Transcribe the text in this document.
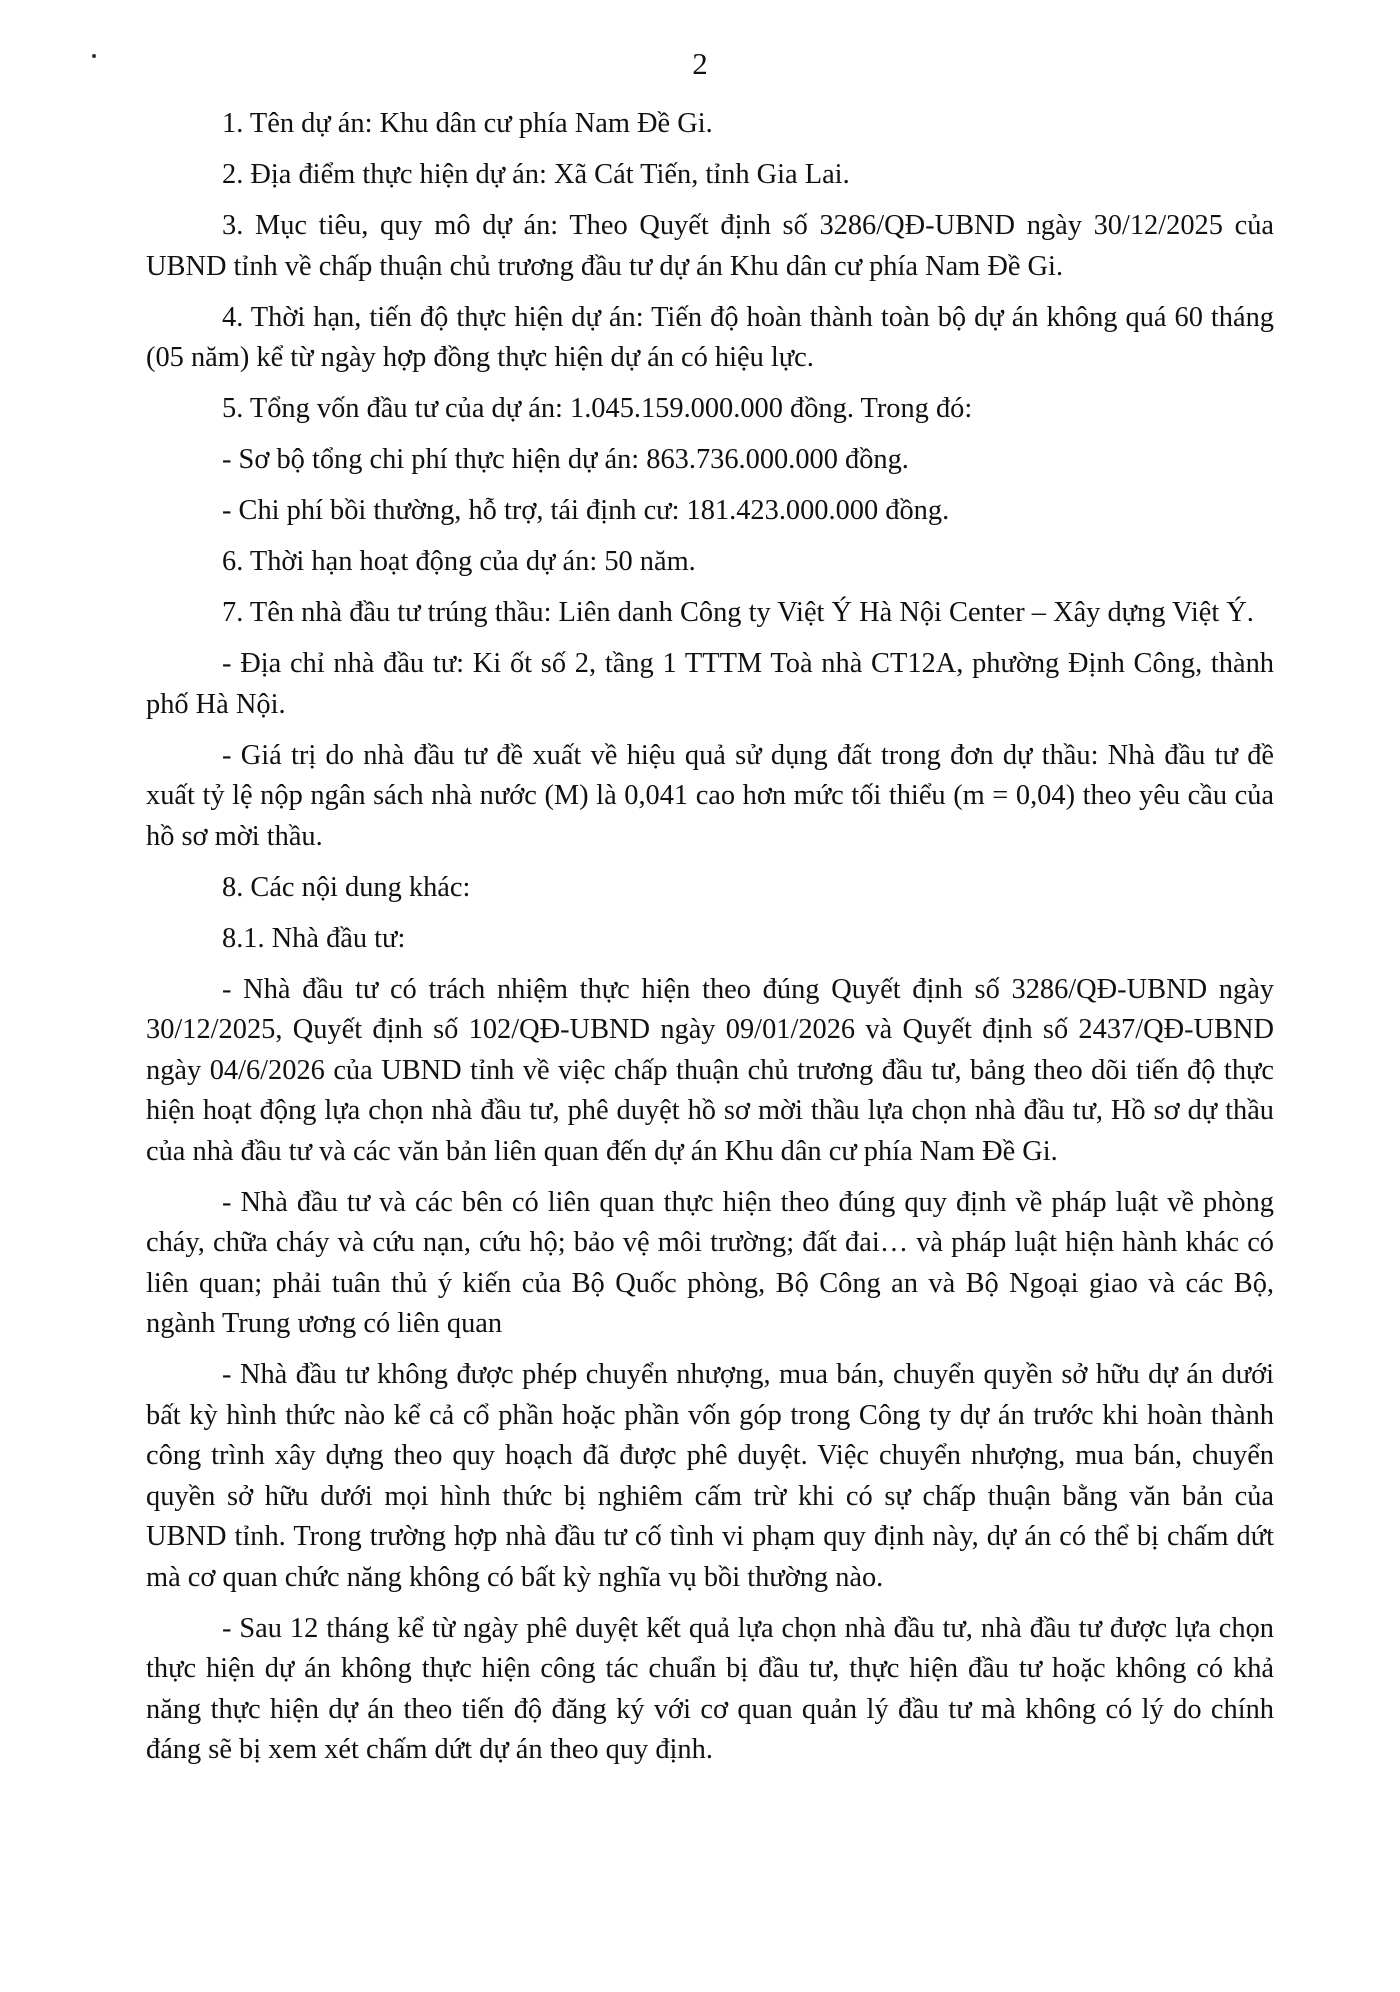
2

1. Tên dự án: Khu dân cư phía Nam Đề Gi.

2. Địa điểm thực hiện dự án: Xã Cát Tiến, tỉnh Gia Lai.

3. Mục tiêu, quy mô dự án: Theo Quyết định số 3286/QĐ-UBND ngày 30/12/2025 của UBND tỉnh về chấp thuận chủ trương đầu tư dự án Khu dân cư phía Nam Đề Gi.

4. Thời hạn, tiến độ thực hiện dự án: Tiến độ hoàn thành toàn bộ dự án không quá 60 tháng (05 năm) kể từ ngày hợp đồng thực hiện dự án có hiệu lực.

5. Tổng vốn đầu tư của dự án: 1.045.159.000.000 đồng. Trong đó:

- Sơ bộ tổng chi phí thực hiện dự án: 863.736.000.000 đồng.

- Chi phí bồi thường, hỗ trợ, tái định cư: 181.423.000.000 đồng.

6. Thời hạn hoạt động của dự án: 50 năm.

7. Tên nhà đầu tư trúng thầu: Liên danh Công ty Việt Ý Hà Nội Center – Xây dựng Việt Ý.

- Địa chỉ nhà đầu tư: Ki ốt số 2, tầng 1 TTTM Toà nhà CT12A, phường Định Công, thành phố Hà Nội.

- Giá trị do nhà đầu tư đề xuất về hiệu quả sử dụng đất trong đơn dự thầu: Nhà đầu tư đề xuất tỷ lệ nộp ngân sách nhà nước (M) là 0,041 cao hơn mức tối thiểu (m = 0,04) theo yêu cầu của hồ sơ mời thầu.

8. Các nội dung khác:

8.1. Nhà đầu tư:

- Nhà đầu tư có trách nhiệm thực hiện theo đúng Quyết định số 3286/QĐ-UBND ngày 30/12/2025, Quyết định số 102/QĐ-UBND ngày 09/01/2026 và Quyết định số 2437/QĐ-UBND ngày 04/6/2026 của UBND tỉnh về việc chấp thuận chủ trương đầu tư, bảng theo dõi tiến độ thực hiện hoạt động lựa chọn nhà đầu tư, phê duyệt hồ sơ mời thầu lựa chọn nhà đầu tư, Hồ sơ dự thầu của nhà đầu tư và các văn bản liên quan đến dự án Khu dân cư phía Nam Đề Gi.

- Nhà đầu tư và các bên có liên quan thực hiện theo đúng quy định về pháp luật về phòng cháy, chữa cháy và cứu nạn, cứu hộ; bảo vệ môi trường; đất đai… và pháp luật hiện hành khác có liên quan; phải tuân thủ ý kiến của Bộ Quốc phòng, Bộ Công an và Bộ Ngoại giao và các Bộ, ngành Trung ương có liên quan

- Nhà đầu tư không được phép chuyển nhượng, mua bán, chuyển quyền sở hữu dự án dưới bất kỳ hình thức nào kể cả cổ phần hoặc phần vốn góp trong Công ty dự án trước khi hoàn thành công trình xây dựng theo quy hoạch đã được phê duyệt. Việc chuyển nhượng, mua bán, chuyển quyền sở hữu dưới mọi hình thức bị nghiêm cấm trừ khi có sự chấp thuận bằng văn bản của UBND tỉnh. Trong trường hợp nhà đầu tư cố tình vi phạm quy định này, dự án có thể bị chấm dứt mà cơ quan chức năng không có bất kỳ nghĩa vụ bồi thường nào.

- Sau 12 tháng kể từ ngày phê duyệt kết quả lựa chọn nhà đầu tư, nhà đầu tư được lựa chọn thực hiện dự án không thực hiện công tác chuẩn bị đầu tư, thực hiện đầu tư hoặc không có khả năng thực hiện dự án theo tiến độ đăng ký với cơ quan quản lý đầu tư mà không có lý do chính đáng sẽ bị xem xét chấm dứt dự án theo quy định.
